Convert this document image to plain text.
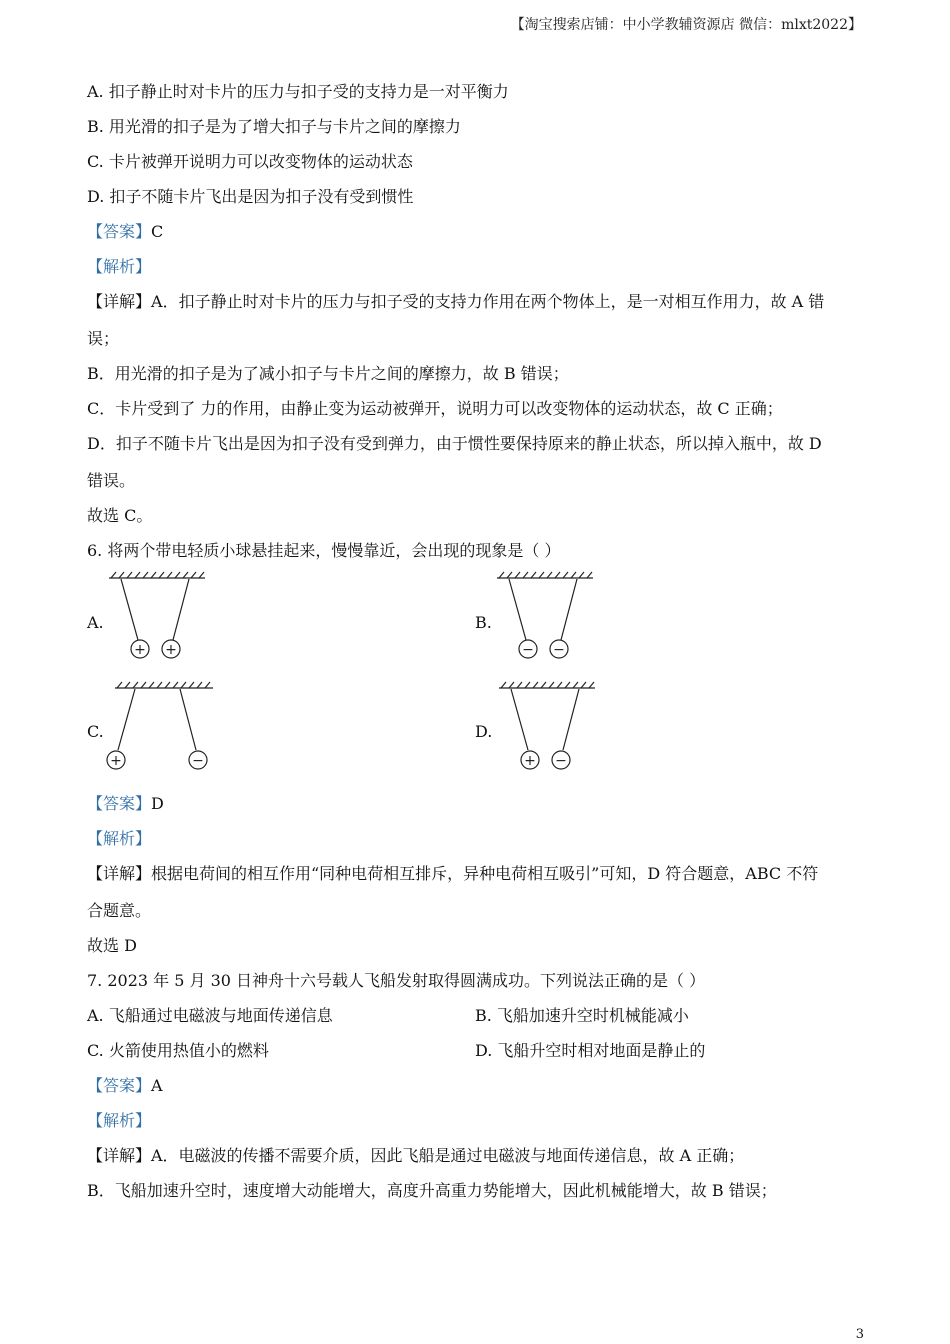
【淘宝搜索店铺：中小学教辅资源店 微信：mlxt2022】
A. 扣子静止时对卡片的压力与扣子受的支持力是一对平衡力
B. 用光滑的扣子是为了增大扣子与卡片之间的摩擦力
C. 卡片被弹开说明力可以改变物体的运动状态
D. 扣子不随卡片飞出是因为扣子没有受到惯性
【答案】C
【解析】
【详解】A．扣子静止时对卡片的压力与扣子受的支持力作用在两个物体上，是一对相互作用力，故 A 错
误；
B．用光滑的扣子是为了减小扣子与卡片之间的摩擦力，故 B 错误；
C．卡片受到了 力的作用，由静止变为运动被弹开，说明力可以改变物体的运动状态，故 C 正确；
D．扣子不随卡片飞出是因为扣子没有受到弹力，由于惯性要保持原来的静止状态，所以掉入瓶中，故 D
错误。
故选 C。
6. 将两个带电轻质小球悬挂起来，慢慢靠近，会出现的现象是（ ）
A.	B.
C.	D.
+ +	− −
+	−	+ −
【答案】D
【解析】
【详解】根据电荷间的相互作用“同种电荷相互排斥，异种电荷相互吸引”可知，D 符合题意，ABC 不符
合题意。
故选 D
7. 2023 年 5 月 30 日神舟十六号载人飞船发射取得圆满成功。下列说法正确的是（ ）
A. 飞船通过电磁波与地面传递信息	B. 飞船加速升空时机械能减小
C. 火箭使用热值小的燃料	D. 飞船升空时相对地面是静止的
【答案】A
【解析】
【详解】A．电磁波的传播不需要介质，因此飞船是通过电磁波与地面传递信息，故 A 正确；
B．飞船加速升空时，速度增大动能增大，高度升高重力势能增大，因此机械能增大，故 B 错误；
3
